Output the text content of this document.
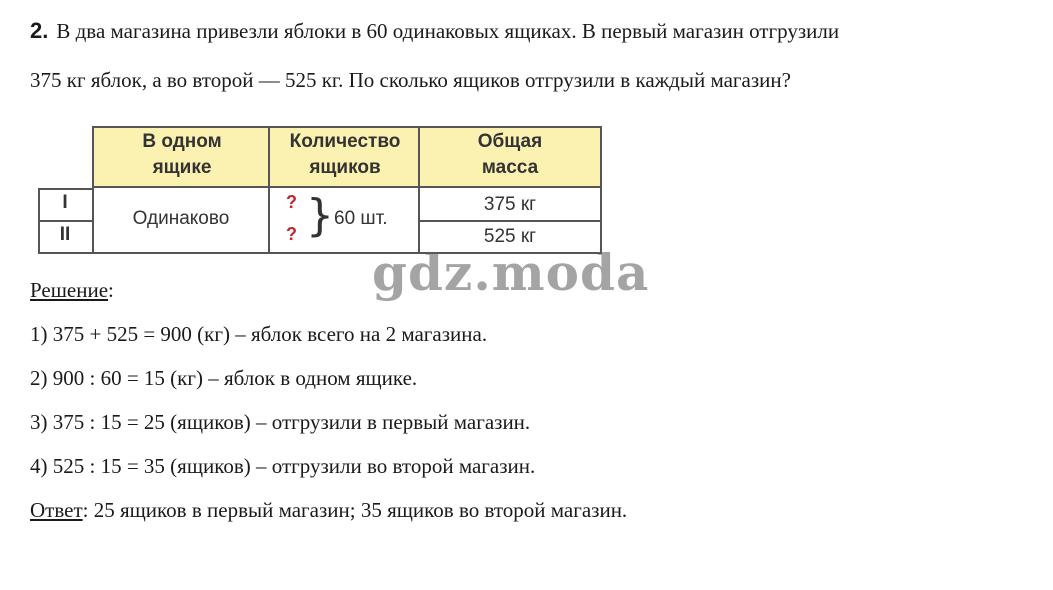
2. В два магазина привезли яблоки в 60 одинаковых ящиках. В первый магазин отгрузили
375 кг яблок, а во второй — 525 кг. По сколько ящиков отгрузили в каждый магазин?
В одном
ящике
Количество
ящиков
Общая
масса
I
II
Одинаково
?
? } 60 шт.
375 кг
525 кг
gdz.moda
Решение:
1) 375 + 525 = 900 (кг) – яблок всего на 2 магазина.
2) 900 : 60 = 15 (кг) – яблок в одном ящике.
3) 375 : 15 = 25 (ящиков) – отгрузили в первый магазин.
4) 525 : 15 = 35 (ящиков) – отгрузили во второй магазин.
Ответ: 25 ящиков в первый магазин; 35 ящиков во второй магазин.
